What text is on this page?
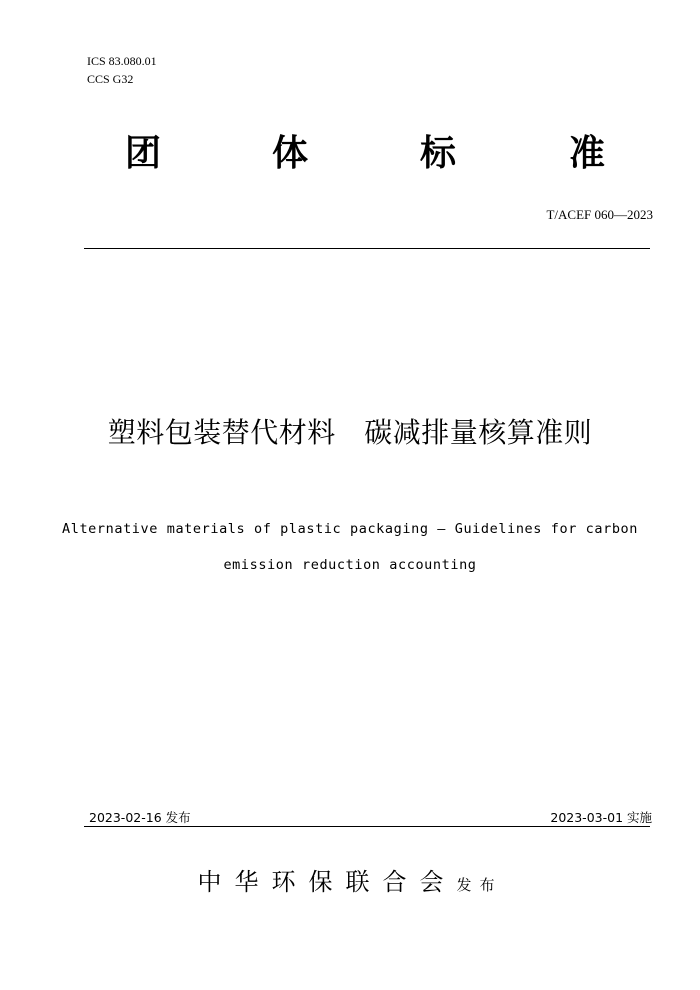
ICS 83.080.01
CCS G32
团	体	标	准
T/ACEF 060—2023
塑料包装替代材料　碳减排量核算准则
Alternative materials of plastic packaging — Guidelines for carbon
emission reduction accounting
2023-02-16 发布	2023-03-01 实施
中华环保联合会发布
